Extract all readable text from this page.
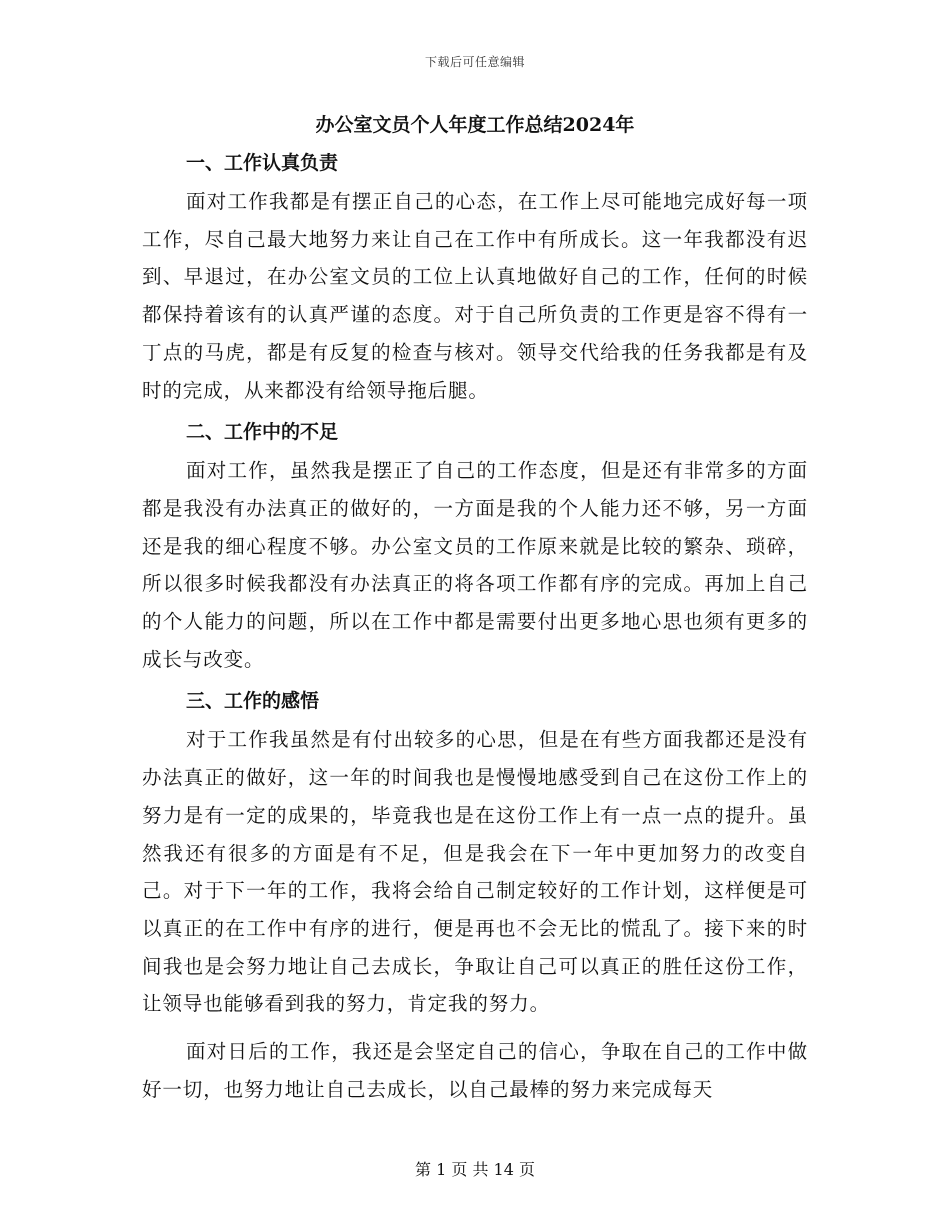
下载后可任意编辑
办公室文员个人年度工作总结2024年
一、工作认真负责

面对工作我都是有摆正自己的心态，在工作上尽可能地完成好每一项工作，尽自己最大地努力来让自己在工作中有所成长。这一年我都没有迟到、早退过，在办公室文员的工位上认真地做好自己的工作，任何的时候都保持着该有的认真严谨的态度。对于自己所负责的工作更是容不得有一丁点的马虎，都是有反复的检查与核对。领导交代给我的任务我都是有及时的完成，从来都没有给领导拖后腿。

二、工作中的不足

面对工作，虽然我是摆正了自己的工作态度，但是还有非常多的方面都是我没有办法真正的做好的，一方面是我的个人能力还不够，另一方面还是我的细心程度不够。办公室文员的工作原来就是比较的繁杂、琐碎，所以很多时候我都没有办法真正的将各项工作都有序的完成。再加上自己的个人能力的问题，所以在工作中都是需要付出更多地心思也须有更多的成长与改变。

三、工作的感悟

对于工作我虽然是有付出较多的心思，但是在有些方面我都还是没有办法真正的做好，这一年的时间我也是慢慢地感受到自己在这份工作上的努力是有一定的成果的，毕竟我也是在这份工作上有一点一点的提升。虽然我还有很多的方面是有不足，但是我会在下一年中更加努力的改变自己。对于下一年的工作，我将会给自己制定较好的工作计划，这样便是可以真正的在工作中有序的进行，便是再也不会无比的慌乱了。接下来的时间我也是会努力地让自己去成长，争取让自己可以真正的胜任这份工作，让领导也能够看到我的努力，肯定我的努力。

面对日后的工作，我还是会坚定自己的信心，争取在自己的工作中做好一切，也努力地让自己去成长，以自己最棒的努力来完成每天

第 1 页 共 14 页
